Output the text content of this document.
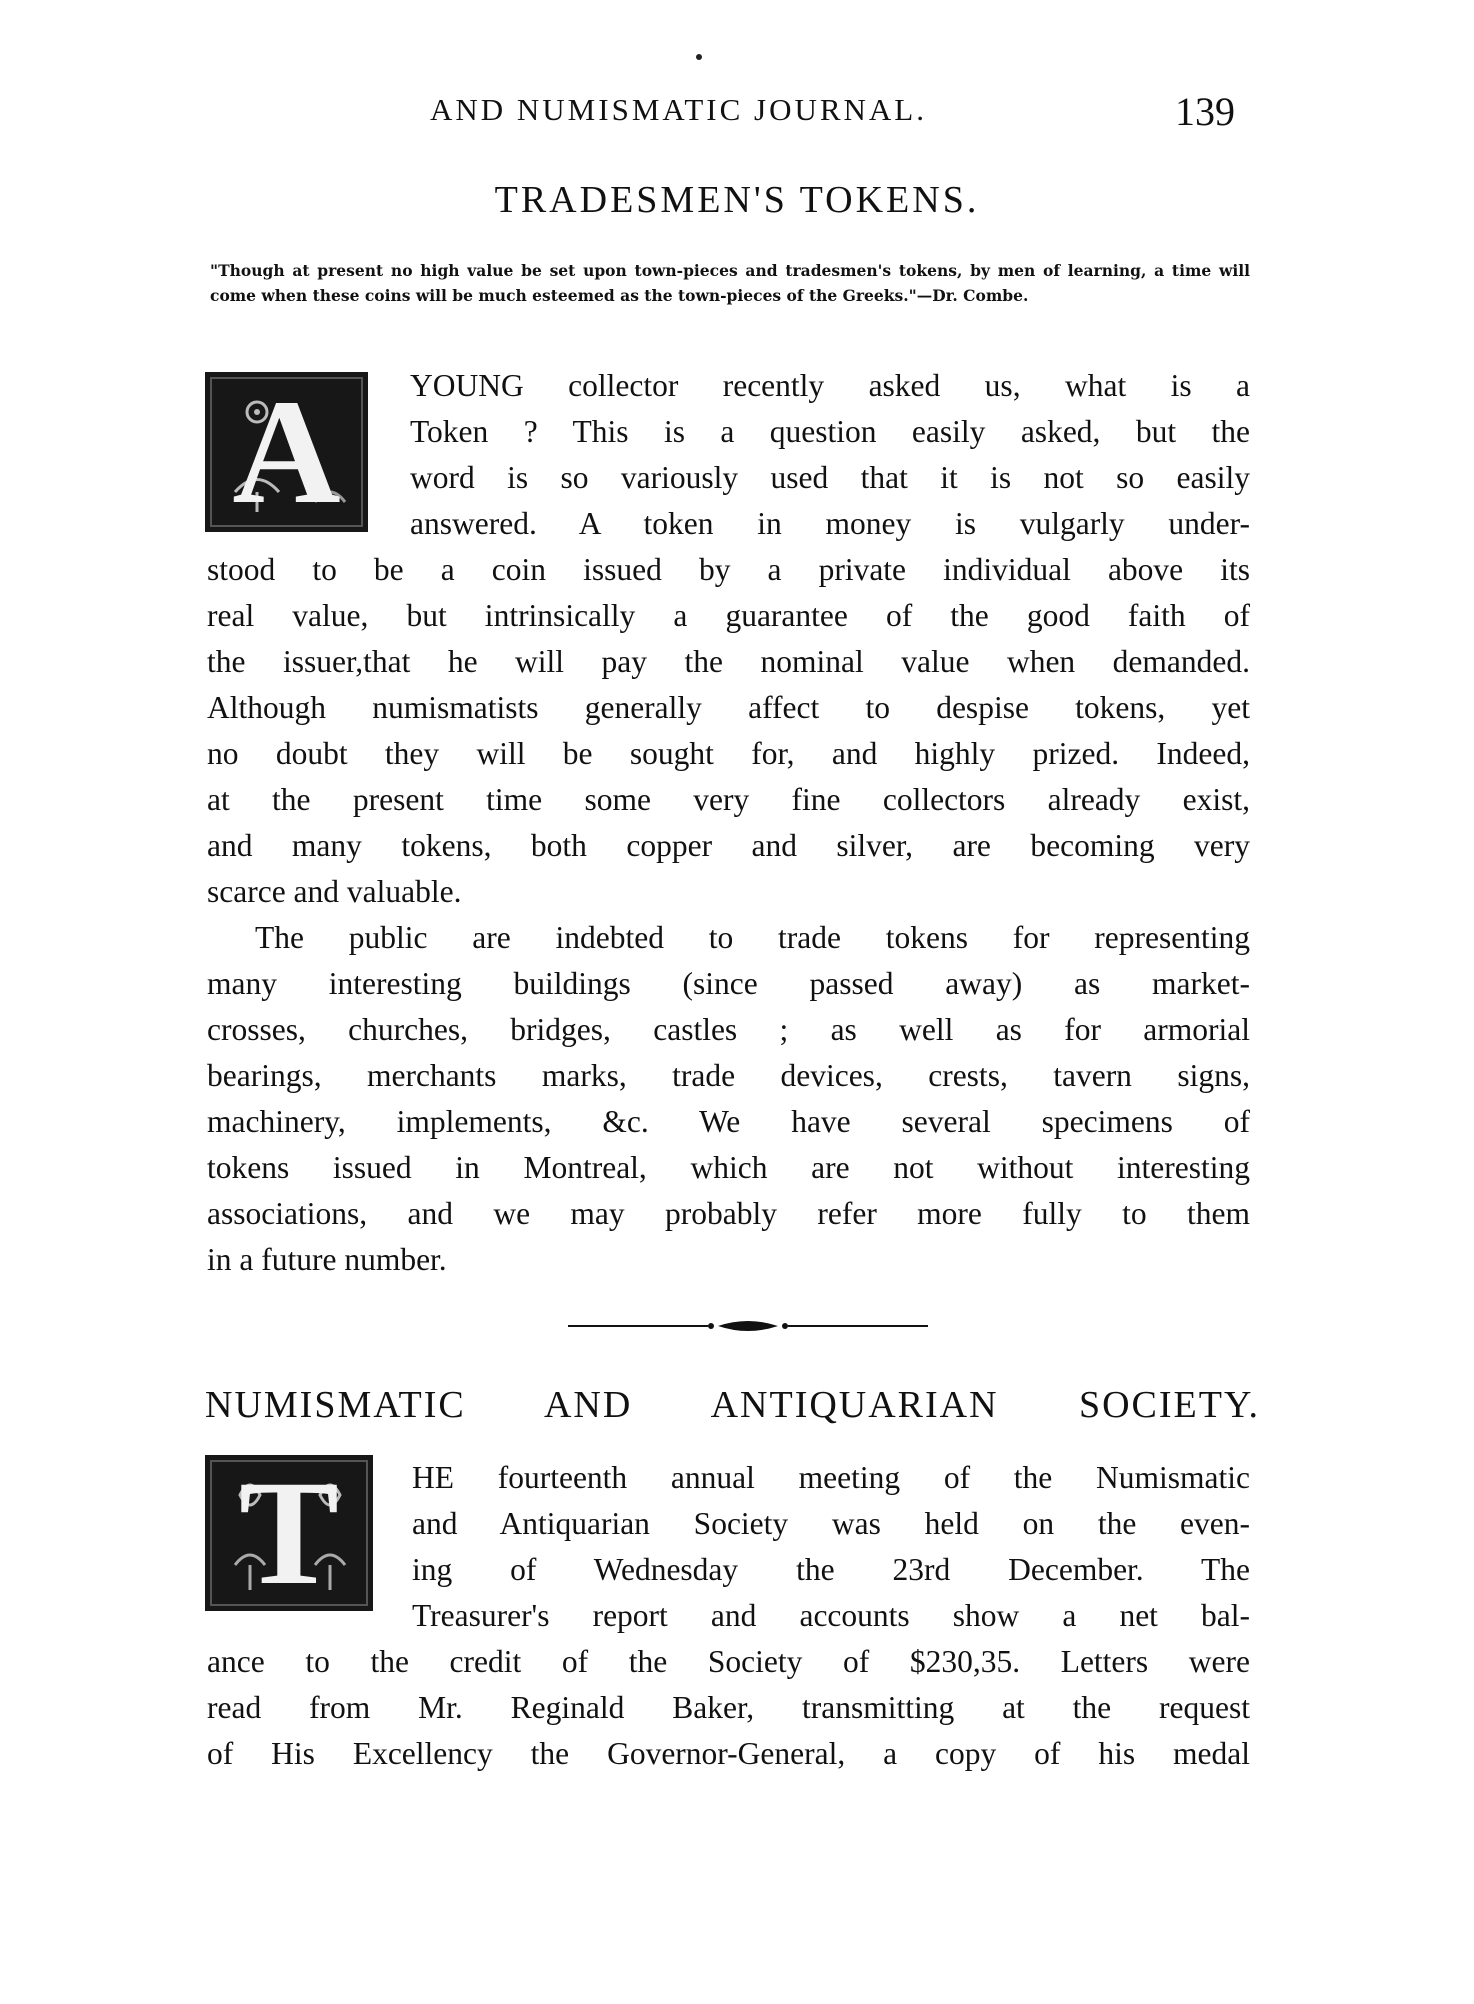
AND NUMISMATIC JOURNAL.	139
TRADESMEN'S TOKENS.
"Though at present no high value be set upon town-pieces and tradesmen's tokens, by men of learning, a time will come when these coins will be much esteemed as the town-pieces of the Greeks."—Dr. Combe.
A	YOUNG collector recently asked us, what is a
Token ? This is a question easily asked, but the
word is so variously used that it is not so easily
answered. A token in money is vulgarly under-
stood to be a coin issued by a private individual above its
real value, but intrinsically a guarantee of the good faith of
the issuer,that he will pay the nominal value when demanded.
Although numismatists generally affect to despise tokens, yet
no doubt they will be sought for, and highly prized. Indeed,
at the present time some very fine collectors already exist,
and many tokens, both copper and silver, are becoming very
scarce and valuable.
The public are indebted to trade tokens for representing
many interesting buildings (since passed away) as market-
crosses, churches, bridges, castles ; as well as for armorial
bearings, merchants marks, trade devices, crests, tavern signs,
machinery, implements, &c. We have several specimens of
tokens issued in Montreal, which are not without interesting
associations, and we may probably refer more fully to them
in a future number.
NUMISMATIC AND ANTIQUARIAN SOCIETY.
T	HE fourteenth annual meeting of the Numismatic
and Antiquarian Society was held on the even-
ing of Wednesday the 23rd December. The
Treasurer's report and accounts show a net bal-
ance to the credit of the Society of $230,35. Letters were
read from Mr. Reginald Baker, transmitting at the request
of His Excellency the Governor-General, a copy of his medal
